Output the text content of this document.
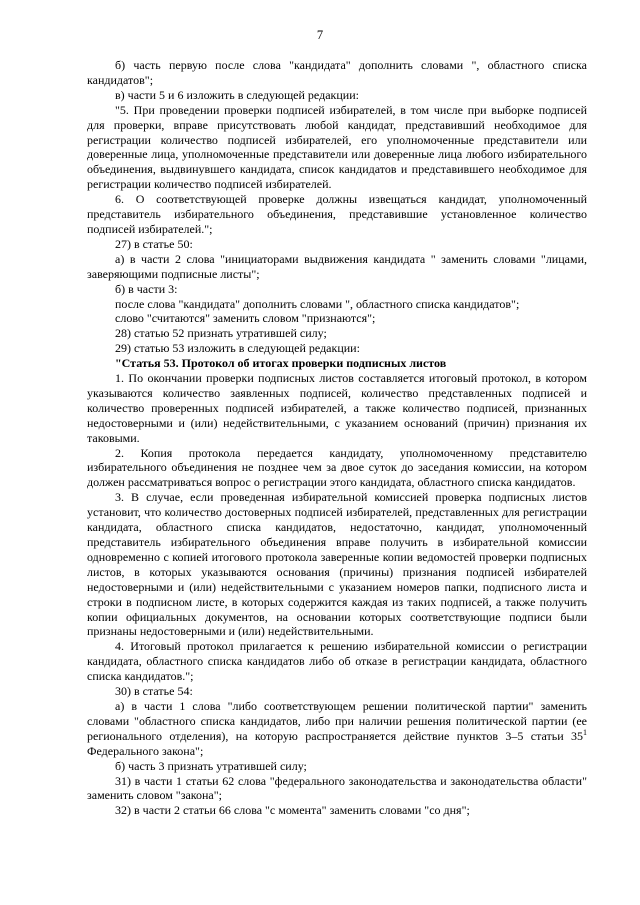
7

б) часть первую после слова "кандидата" дополнить словами ", областного списка кандидатов";

в) части 5 и 6 изложить в следующей редакции:

"5. При проведении проверки подписей избирателей, в том числе при выборке подписей для проверки, вправе присутствовать любой кандидат, представивший необходимое для регистрации количество подписей избирателей, его уполномоченные представители или доверенные лица, уполномоченные представители или доверенные лица любого избирательного объединения, выдвинувшего кандидата, список кандидатов и представившего необходимое для регистрации количество подписей избирателей.

6. О соответствующей проверке должны извещаться кандидат, уполномоченный представитель избирательного объединения, представившие установленное количество подписей избирателей.";

27) в статье 50:

а) в части 2 слова "инициаторами выдвижения кандидата " заменить словами "лицами, заверяющими подписные листы";

б) в части 3:

после слова "кандидата" дополнить словами ", областного списка кандидатов";

слово "считаются" заменить словом "признаются";

28) статью 52 признать утратившей силу;

29) статью 53 изложить в следующей редакции:

"Статья 53. Протокол об итогах проверки подписных листов

1. По окончании проверки подписных листов составляется итоговый протокол, в котором указываются количество заявленных подписей, количество представленных подписей и количество проверенных подписей избирателей, а также количество подписей, признанных недостоверными и (или) недействительными, с указанием оснований (причин) признания их таковыми.

2. Копия протокола передается кандидату, уполномоченному представителю избирательного объединения не позднее чем за двое суток до заседания комиссии, на котором должен рассматриваться вопрос о регистрации этого кандидата, областного списка кандидатов.

3. В случае, если проведенная избирательной комиссией проверка подписных листов установит, что количество достоверных подписей избирателей, представленных для регистрации кандидата, областного списка кандидатов, недостаточно, кандидат, уполномоченный представитель избирательного объединения вправе получить в избирательной комиссии одновременно с копией итогового протокола заверенные копии ведомостей проверки подписных листов, в которых указываются основания (причины) признания подписей избирателей недостоверными и (или) недействительными с указанием номеров папки, подписного листа и строки в подписном листе, в которых содержится каждая из таких подписей, а также получить копии официальных документов, на основании которых соответствующие подписи были признаны недостоверными и (или) недействительными.

4. Итоговый протокол прилагается к решению избирательной комиссии о регистрации кандидата, областного списка кандидатов либо об отказе в регистрации кандидата, областного списка кандидатов.";

30) в статье 54:

а) в части 1 слова "либо соответствующем решении политической партии" заменить словами "областного списка кандидатов, либо при наличии решения политической партии (ее регионального отделения), на которую распространяется действие пунктов 3–5 статьи $35^1$ Федерального закона";

б) часть 3 признать утратившей силу;

31) в части 1 статьи 62 слова "федерального законодательства и законодательства области" заменить словом "закона";

32) в части 2 статьи 66 слова "с момента" заменить словами "со дня";
